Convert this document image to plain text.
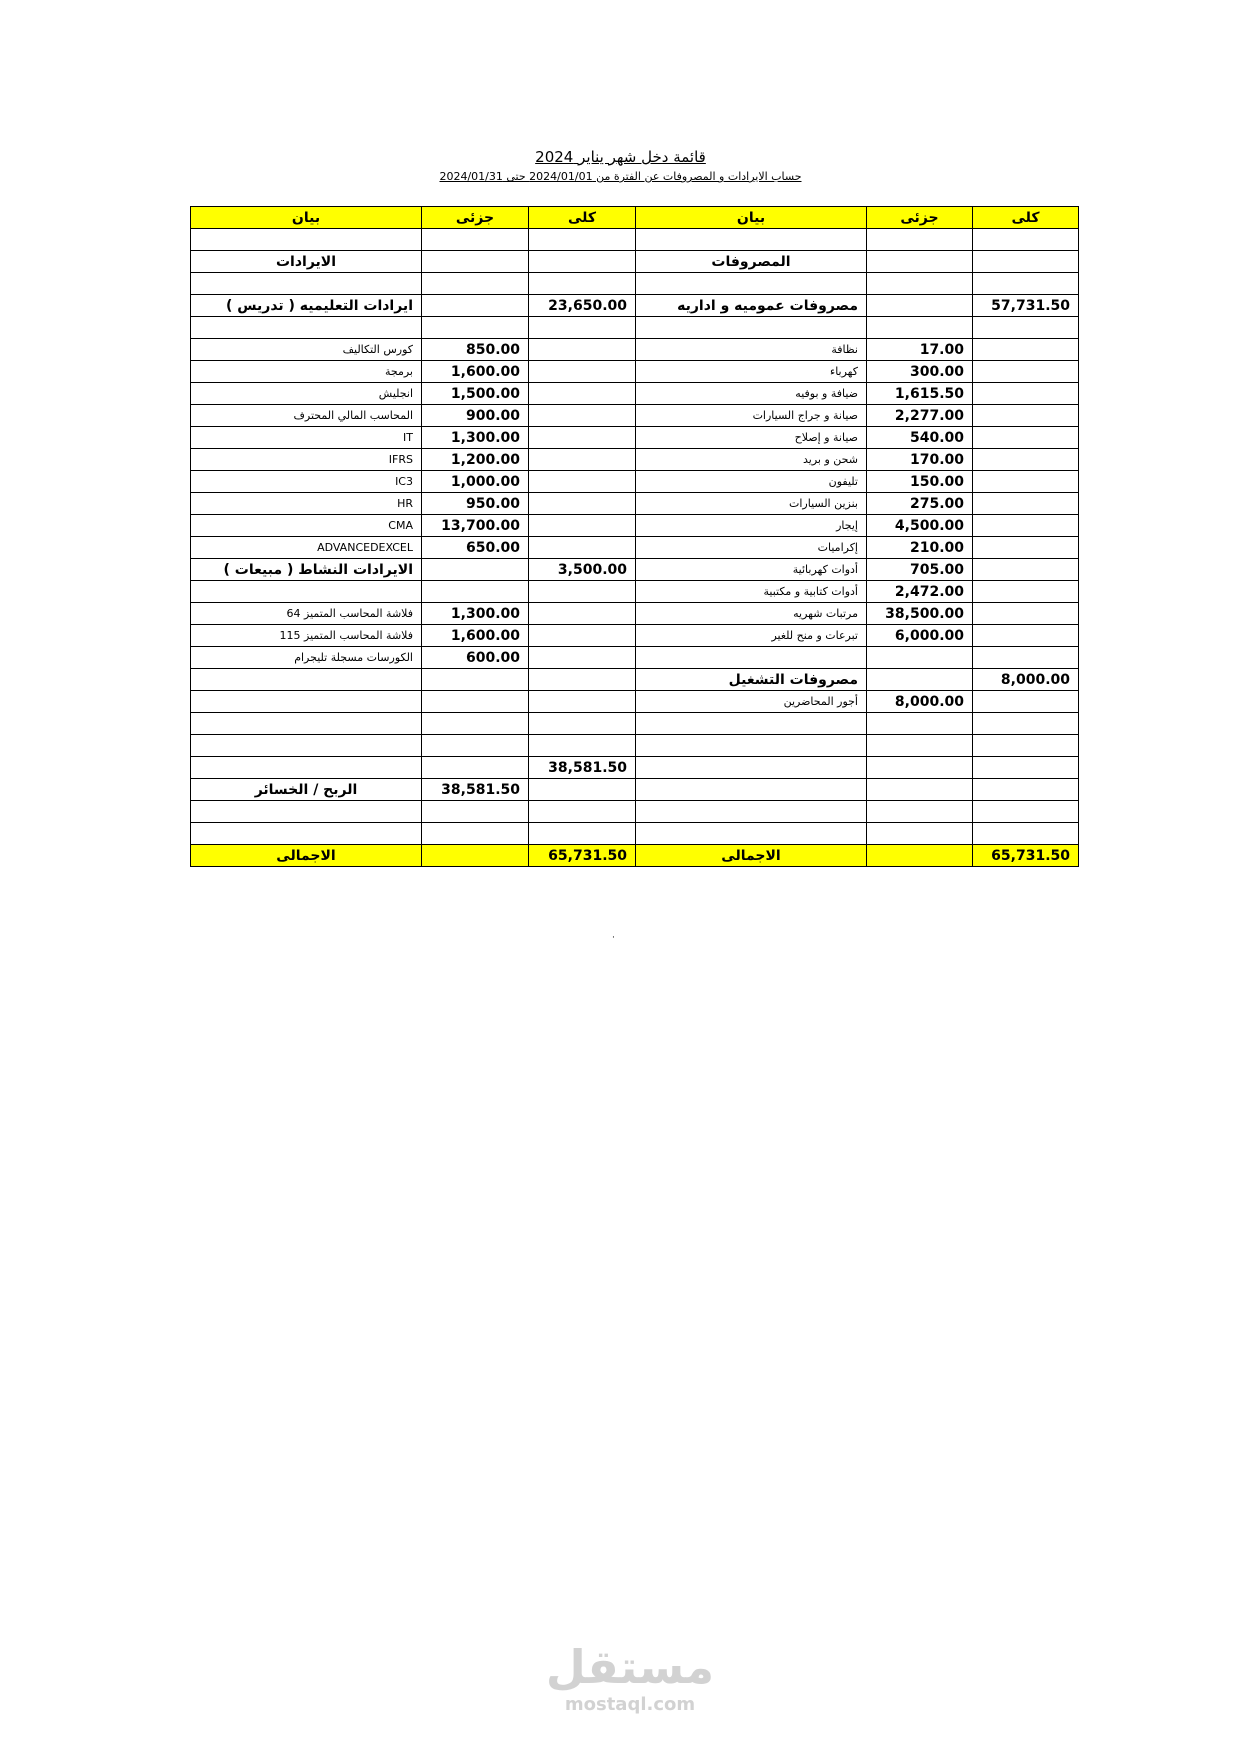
قائمة دخل شهر يناير 2024
حساب الايرادات و المصروفات عن الفترة من 2024/01/01 حتى 2024/01/31
بيان	جزئى	كلى	بيان	جزئى	كلى

الايرادات			المصروفات		

ايرادات التعليميه ( تدريس )		23,650.00	مصروفات عموميه و اداريه		57,731.50

كورس التكاليف	850.00		نظافة	17.00	
برمجة	1,600.00		كهرباء	300.00	
انجليش	1,500.00		ضيافة و بوفيه	1,615.50	
المحاسب المالي المحترف	900.00		صيانة و جراج السيارات	2,277.00	
IT	1,300.00		صيانة و إصلاح	540.00	
IFRS	1,200.00		شحن و بريد	170.00	
IC3	1,000.00		تليفون	150.00	
HR	950.00		بنزين السيارات	275.00	
CMA	13,700.00		إيجار	4,500.00	
ADVANCEDEXCEL	650.00		إكراميات	210.00	
الايرادات النشاط ( مبيعات )		3,500.00	أدوات كهربائية	705.00	
			أدوات كتابية و مكتبية	2,472.00	
فلاشة المحاسب المتميز 64	1,300.00		مرتبات شهريه	38,500.00	
فلاشة المحاسب المتميز 115	1,600.00		تبرعات و منح للغير	6,000.00	
الكورسات مسجلة تليجرام	600.00				
			مصروفات التشغيل		8,000.00
			أجور المحاضرين	8,000.00	

		38,581.50			
الربح / الخسائر	38,581.50				

الاجمالى		65,731.50	الاجمالى		65,731.50
·
مستقل
mostaql.com
